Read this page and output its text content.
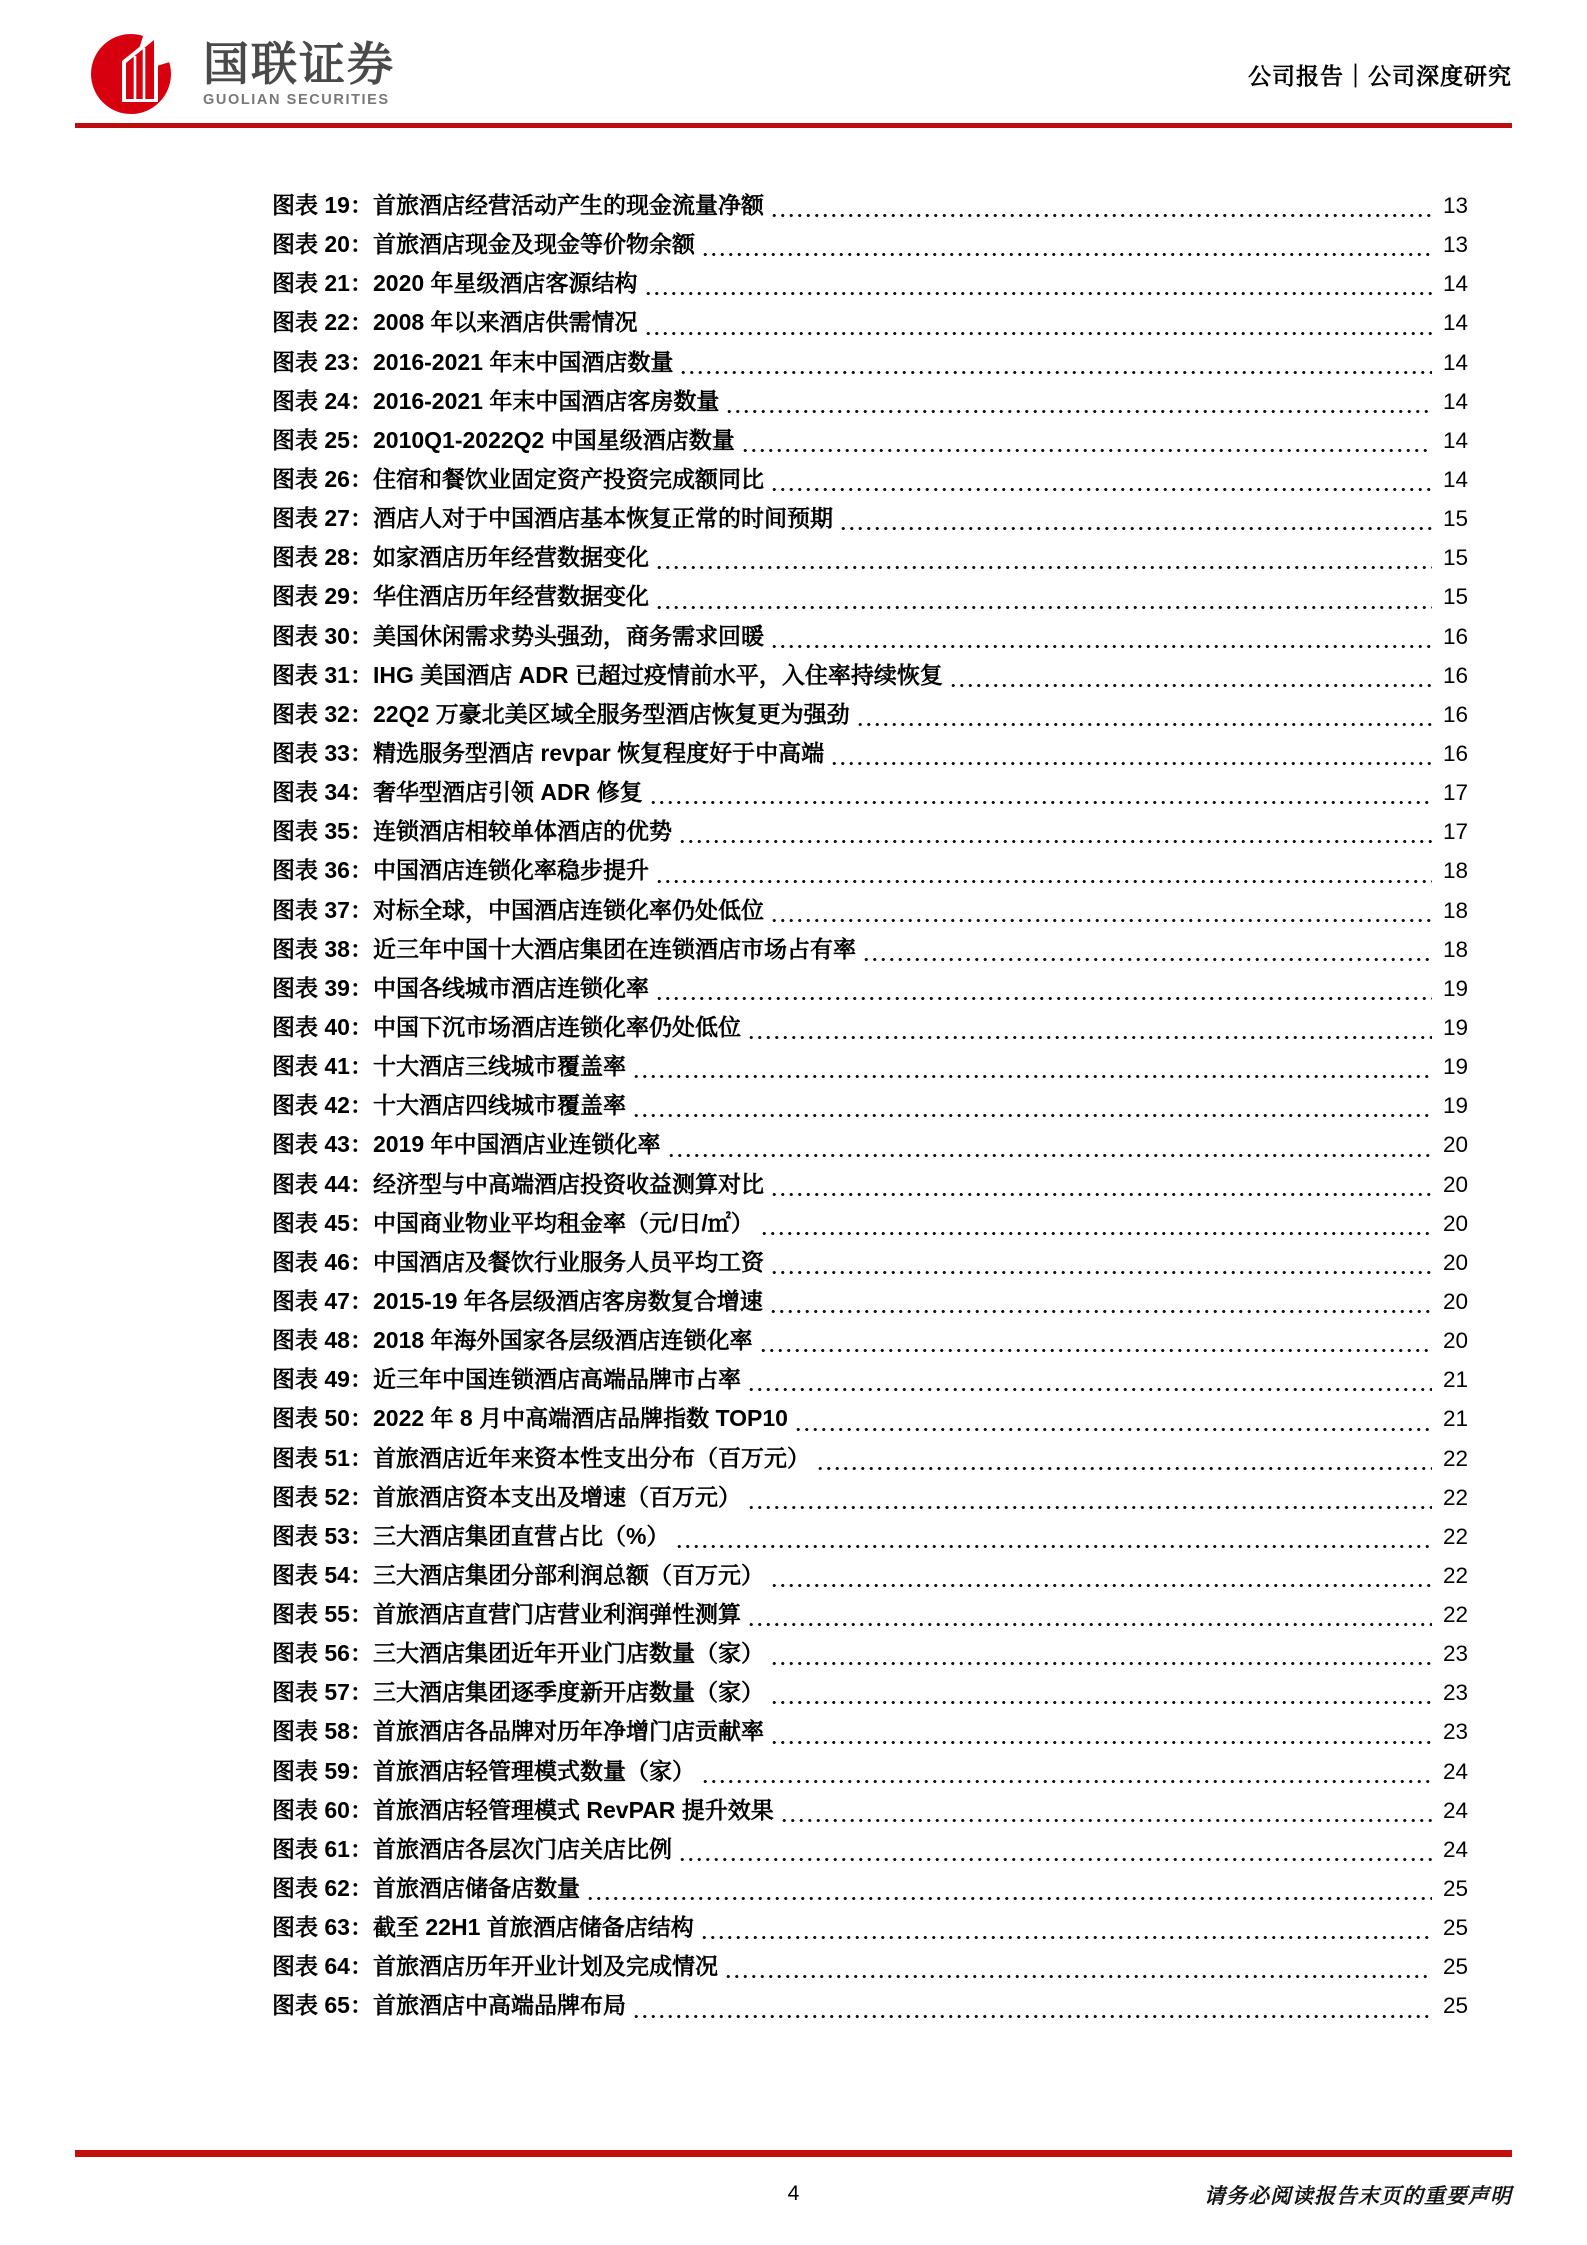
国联证券
GUOLIAN SECURITIES
公司报告｜公司深度研究
图表 19： 首旅酒店经营活动产生的现金流量净额	13
图表 20： 首旅酒店现金及现金等价物余额	13
图表 21： 2020 年星级酒店客源结构	14
图表 22： 2008 年以来酒店供需情况	14
图表 23： 2016-2021 年末中国酒店数量	14
图表 24： 2016-2021 年末中国酒店客房数量	14
图表 25： 2010Q1-2022Q2 中国星级酒店数量	14
图表 26： 住宿和餐饮业固定资产投资完成额同比	14
图表 27： 酒店人对于中国酒店基本恢复正常的时间预期	15
图表 28： 如家酒店历年经营数据变化	15
图表 29： 华住酒店历年经营数据变化	15
图表 30： 美国休闲需求势头强劲，商务需求回暖	16
图表 31： IHG 美国酒店 ADR 已超过疫情前水平，入住率持续恢复	16
图表 32： 22Q2 万豪北美区域全服务型酒店恢复更为强劲	16
图表 33： 精选服务型酒店 revpar 恢复程度好于中高端	16
图表 34： 奢华型酒店引领 ADR 修复	17
图表 35： 连锁酒店相较单体酒店的优势	17
图表 36： 中国酒店连锁化率稳步提升	18
图表 37： 对标全球，中国酒店连锁化率仍处低位	18
图表 38： 近三年中国十大酒店集团在连锁酒店市场占有率	18
图表 39： 中国各线城市酒店连锁化率	19
图表 40： 中国下沉市场酒店连锁化率仍处低位	19
图表 41： 十大酒店三线城市覆盖率	19
图表 42： 十大酒店四线城市覆盖率	19
图表 43： 2019 年中国酒店业连锁化率	20
图表 44： 经济型与中高端酒店投资收益测算对比	20
图表 45： 中国商业物业平均租金率（元/日/㎡）	20
图表 46： 中国酒店及餐饮行业服务人员平均工资	20
图表 47： 2015-19 年各层级酒店客房数复合增速	20
图表 48： 2018 年海外国家各层级酒店连锁化率	20
图表 49： 近三年中国连锁酒店高端品牌市占率	21
图表 50： 2022 年 8 月中高端酒店品牌指数 TOP10	21
图表 51： 首旅酒店近年来资本性支出分布（百万元）	22
图表 52： 首旅酒店资本支出及增速（百万元）	22
图表 53： 三大酒店集团直营占比（%）	22
图表 54： 三大酒店集团分部利润总额（百万元）	22
图表 55： 首旅酒店直营门店营业利润弹性测算	22
图表 56： 三大酒店集团近年开业门店数量（家）	23
图表 57： 三大酒店集团逐季度新开店数量（家）	23
图表 58： 首旅酒店各品牌对历年净增门店贡献率	23
图表 59： 首旅酒店轻管理模式数量（家）	24
图表 60： 首旅酒店轻管理模式 RevPAR 提升效果	24
图表 61： 首旅酒店各层次门店关店比例	24
图表 62： 首旅酒店储备店数量	25
图表 63： 截至 22H1 首旅酒店储备店结构	25
图表 64： 首旅酒店历年开业计划及完成情况	25
图表 65： 首旅酒店中高端品牌布局	25
4	请务必阅读报告末页的重要声明
